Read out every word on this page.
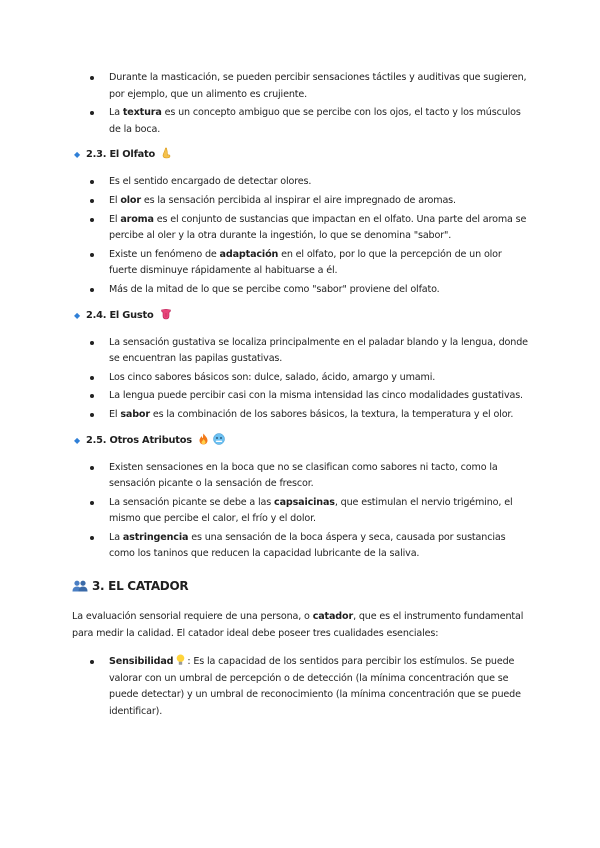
Durante la masticación, se pueden percibir sensaciones táctiles y auditivas que sugieren, por ejemplo, que un alimento es crujiente.
La textura es un concepto ambiguo que se percibe con los ojos, el tacto y los músculos de la boca.
◆ 2.3. El Olfato
Es el sentido encargado de detectar olores.
El olor es la sensación percibida al inspirar el aire impregnado de aromas.
El aroma es el conjunto de sustancias que impactan en el olfato. Una parte del aroma se percibe al oler y la otra durante la ingestión, lo que se denomina "sabor".
Existe un fenómeno de adaptación en el olfato, por lo que la percepción de un olor fuerte disminuye rápidamente al habituarse a él.
Más de la mitad de lo que se percibe como "sabor" proviene del olfato.
◆ 2.4. El Gusto
La sensación gustativa se localiza principalmente en el paladar blando y la lengua, donde se encuentran las papilas gustativas.
Los cinco sabores básicos son: dulce, salado, ácido, amargo y umami.
La lengua puede percibir casi con la misma intensidad las cinco modalidades gustativas.
El sabor es la combinación de los sabores básicos, la textura, la temperatura y el olor.
◆ 2.5. Otros Atributos
Existen sensaciones en la boca que no se clasifican como sabores ni tacto, como la sensación picante o la sensación de frescor.
La sensación picante se debe a las capsaicinas, que estimulan el nervio trigémino, el mismo que percibe el calor, el frío y el dolor.
La astringencia es una sensación de la boca áspera y seca, causada por sustancias como los taninos que reducen la capacidad lubricante de la saliva.
3. EL CATADOR

La evaluación sensorial requiere de una persona, o catador, que es el instrumento fundamental para medir la calidad. El catador ideal debe poseer tres cualidades esenciales:

Sensibilidad : Es la capacidad de los sentidos para percibir los estímulos. Se puede valorar con un umbral de percepción o de detección (la mínima concentración que se puede detectar) y un umbral de reconocimiento (la mínima concentración que se puede identificar).
